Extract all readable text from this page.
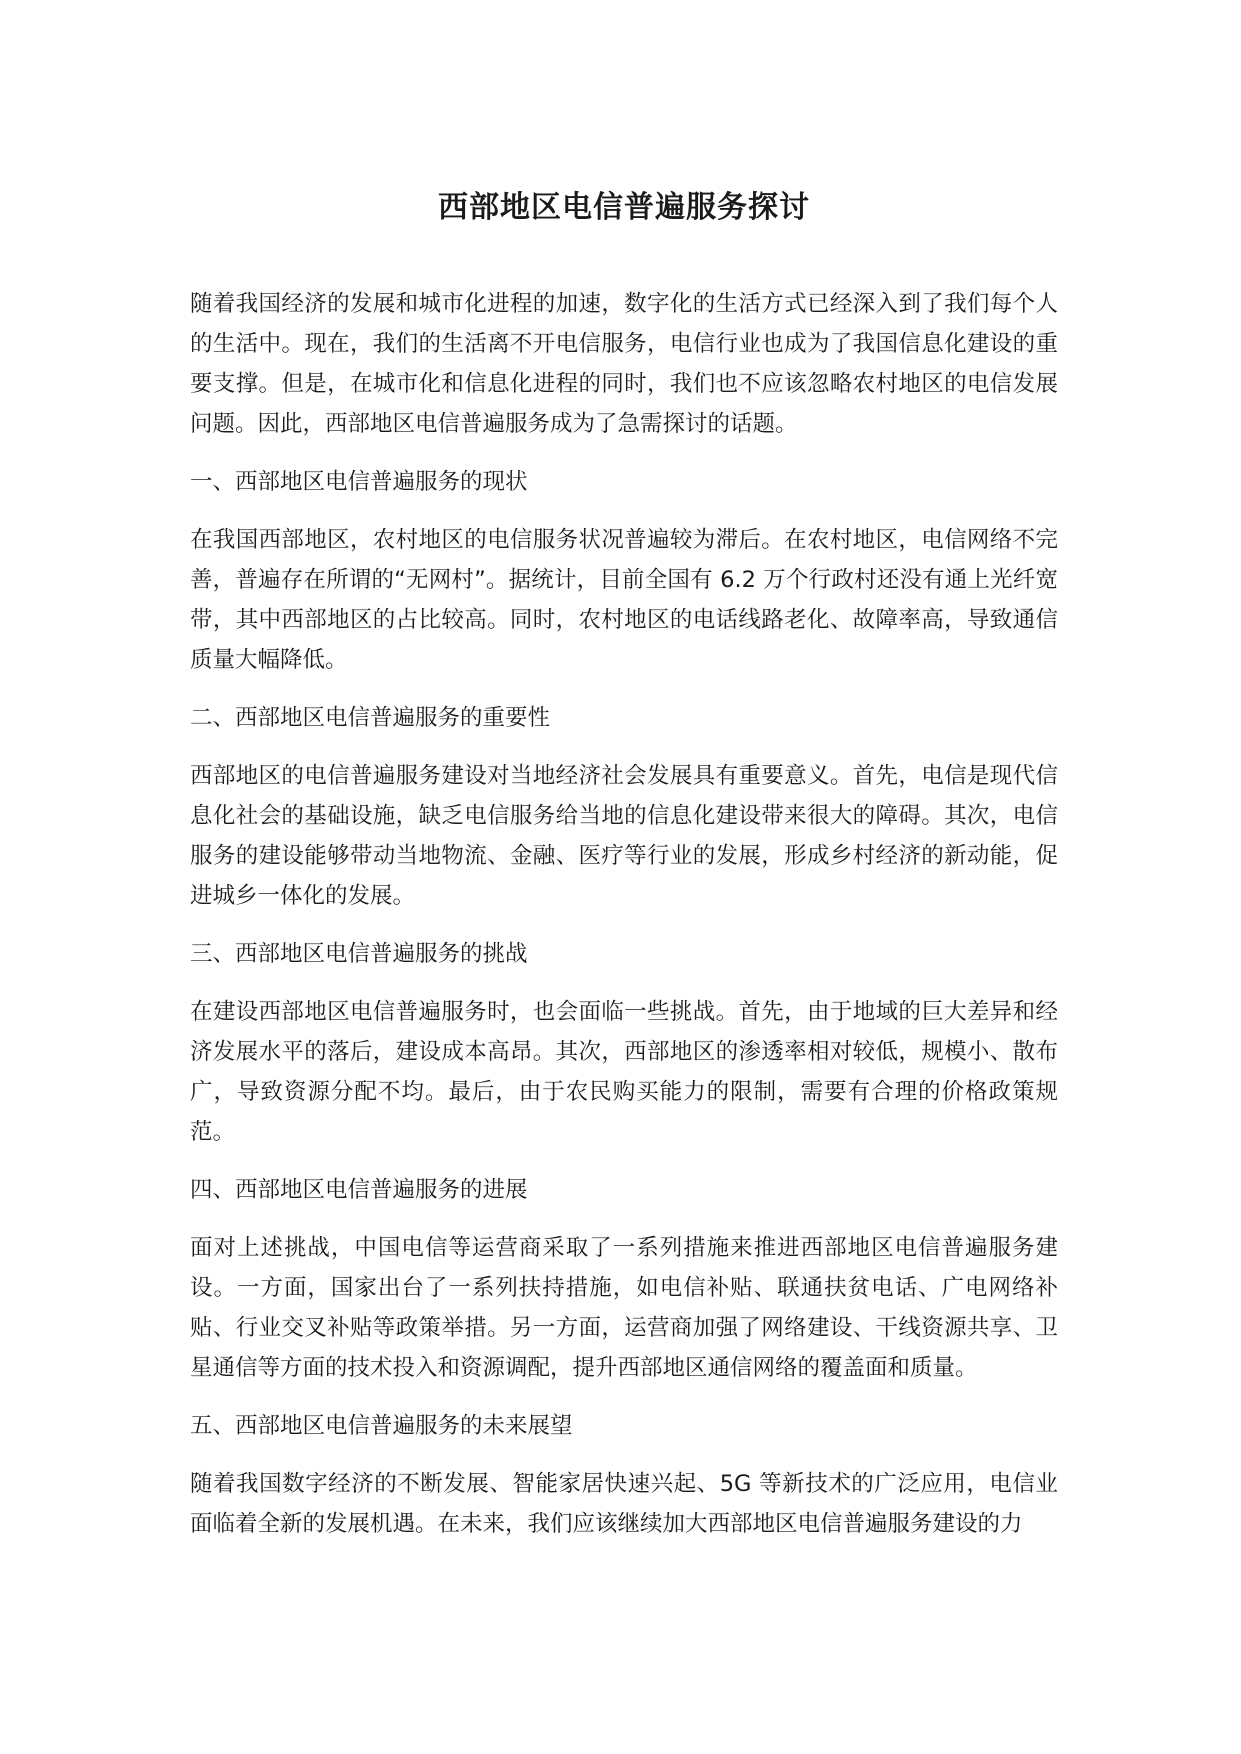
西部地区电信普遍服务探讨

随着我国经济的发展和城市化进程的加速，数字化的生活方式已经深入到了我们每个人的生活中。现在，我们的生活离不开电信服务，电信行业也成为了我国信息化建设的重要支撑。但是，在城市化和信息化进程的同时，我们也不应该忽略农村地区的电信发展问题。因此，西部地区电信普遍服务成为了急需探讨的话题。

一、西部地区电信普遍服务的现状

在我国西部地区，农村地区的电信服务状况普遍较为滞后。在农村地区，电信网络不完善，普遍存在所谓的“无网村”。据统计，目前全国有 6.2 万个行政村还没有通上光纤宽带，其中西部地区的占比较高。同时，农村地区的电话线路老化、故障率高，导致通信质量大幅降低。

二、西部地区电信普遍服务的重要性

西部地区的电信普遍服务建设对当地经济社会发展具有重要意义。首先，电信是现代信息化社会的基础设施，缺乏电信服务给当地的信息化建设带来很大的障碍。其次，电信服务的建设能够带动当地物流、金融、医疗等行业的发展，形成乡村经济的新动能，促进城乡一体化的发展。

三、西部地区电信普遍服务的挑战

在建设西部地区电信普遍服务时，也会面临一些挑战。首先，由于地域的巨大差异和经济发展水平的落后，建设成本高昂。其次，西部地区的渗透率相对较低，规模小、散布广，导致资源分配不均。最后，由于农民购买能力的限制，需要有合理的价格政策规范。

四、西部地区电信普遍服务的进展

面对上述挑战，中国电信等运营商采取了一系列措施来推进西部地区电信普遍服务建设。一方面，国家出台了一系列扶持措施，如电信补贴、联通扶贫电话、广电网络补贴、行业交叉补贴等政策举措。另一方面，运营商加强了网络建设、干线资源共享、卫星通信等方面的技术投入和资源调配，提升西部地区通信网络的覆盖面和质量。

五、西部地区电信普遍服务的未来展望

随着我国数字经济的不断发展、智能家居快速兴起、5G 等新技术的广泛应用，电信业面临着全新的发展机遇。在未来，我们应该继续加大西部地区电信普遍服务建设的力
